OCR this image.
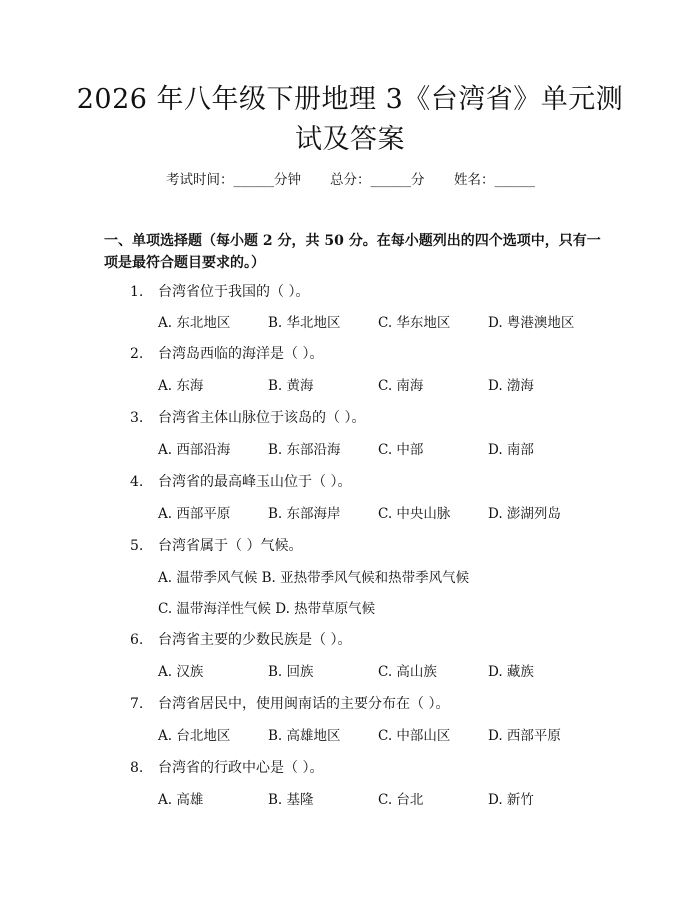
2026 年八年级下册地理 3《台湾省》单元测
试及答案
考试时间：______分钟 总分：______分 姓名：______
一、单项选择题（每小题 2 分，共 50 分。在每小题列出的四个选项中，只有一项是最符合题目要求的。）
1. 台湾省位于我国的（ ）。
A. 东北地区	B. 华北地区	C. 华东地区	D. 粤港澳地区
2. 台湾岛西临的海洋是（ ）。
A. 东海	B. 黄海	C. 南海	D. 渤海
3. 台湾省主体山脉位于该岛的（ ）。
A. 西部沿海	B. 东部沿海	C. 中部	D. 南部
4. 台湾省的最高峰玉山位于（ ）。
A. 西部平原	B. 东部海岸	C. 中央山脉	D. 澎湖列岛
5. 台湾省属于（ ）气候。
A. 温带季风气候 B. 亚热带季风气候和热带季风气候
C. 温带海洋性气候 D. 热带草原气候
6. 台湾省主要的少数民族是（ ）。
A. 汉族	B. 回族	C. 高山族	D. 藏族
7. 台湾省居民中，使用闽南话的主要分布在（ ）。
A. 台北地区	B. 高雄地区	C. 中部山区	D. 西部平原
8. 台湾省的行政中心是（ ）。
A. 高雄	B. 基隆	C. 台北	D. 新竹
